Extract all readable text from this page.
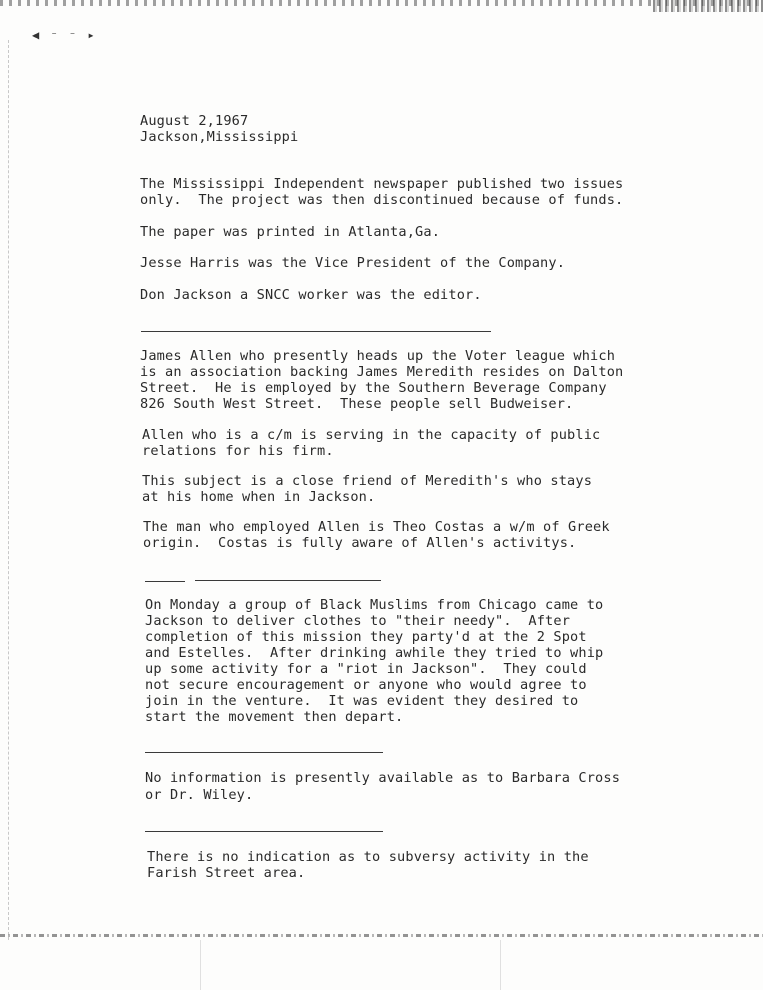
◀ ⁻ ⁻ ▸
August 2,1967
Jackson,Mississippi
The Mississippi Independent newspaper published two issues
only.  The project was then discontinued because of funds.
The paper was printed in Atlanta,Ga.
Jesse Harris was the Vice President of the Company.
Don Jackson a SNCC worker was the editor.
James Allen who presently heads up the Voter league which
is an association backing James Meredith resides on Dalton
Street.  He is employed by the Southern Beverage Company
826 South West Street.  These people sell Budweiser.
Allen who is a c/m is serving in the capacity of public
relations for his firm.
This subject is a close friend of Meredith's who stays
at his home when in Jackson.
The man who employed Allen is Theo Costas a w/m of Greek
origin.  Costas is fully aware of Allen's activitys.
On Monday a group of Black Muslims from Chicago came to
Jackson to deliver clothes to "their needy".  After
completion of this mission they party'd at the 2 Spot
and Estelles.  After drinking awhile they tried to whip
up some activity for a "riot in Jackson".  They could
not secure encouragement or anyone who would agree to
join in the venture.  It was evident they desired to
start the movement then depart.
No information is presently available as to Barbara Cross
or Dr. Wiley.
There is no indication as to subversy activity in the
Farish Street area.
